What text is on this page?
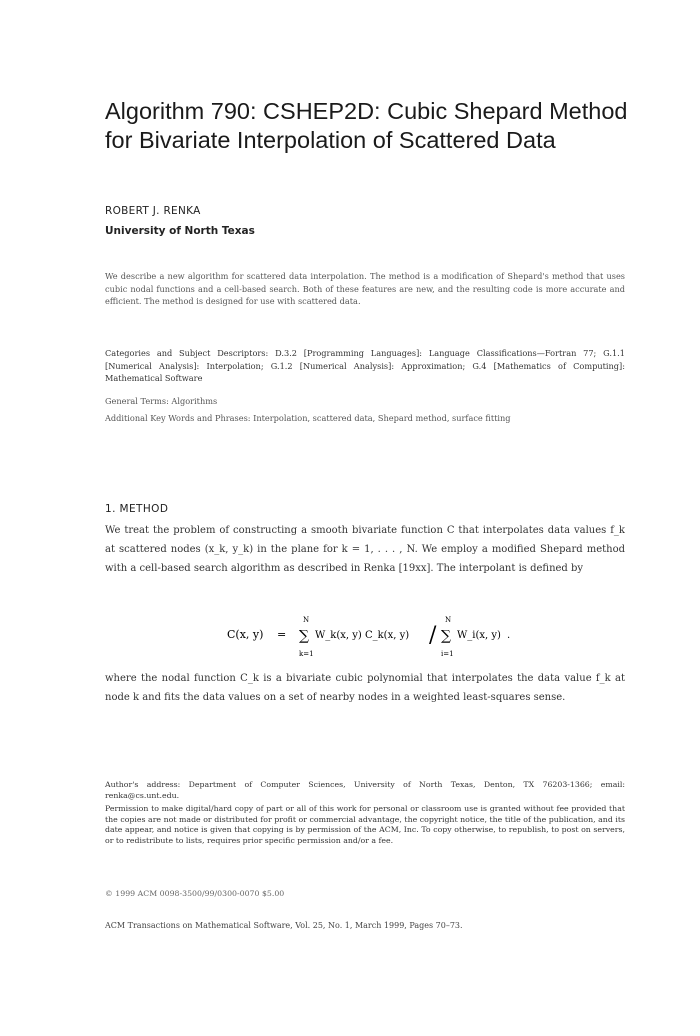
Algorithm 790: CSHEP2D: Cubic Shepard Method for Bivariate Interpolation of Scattered Data
ROBERT J. RENKA
University of North Texas

We describe a new algorithm for scattered data interpolation. The method is a modification of Shepard's method that uses cubic nodal functions and a cell-based search. Both of these features are new, and the resulting code is more accurate and efficient. The method is designed for use with scattered data.

Categories and Subject Descriptors: D.3.2 [Programming Languages]: Language Classifications—Fortran 77; G.1.1 [Numerical Analysis]: Interpolation; G.1.2 [Numerical Analysis]: Approximation; G.4 [Mathematics of Computing]: Mathematical Software

General Terms: Algorithms

Additional Key Words and Phrases: Interpolation, scattered data, Shepard method, surface fitting

1. METHOD

We treat the problem of constructing a smooth bivariate function C that interpolates data values f_k at scattered nodes (x_k, y_k) in the plane for k = 1, . . . , N. We employ a modified Shepard method with a cell-based search algorithm as described in Renka [19xx]. The interpolant is defined by

C(x, y) =
N
∑
k=1
W_k(x, y) C_k(x, y) /
N
∑
i=1
W_i(x, y) .

where the nodal function C_k is a bivariate cubic polynomial that interpolates the data value f_k at node k and fits the data values on a set of nearby nodes in a weighted least-squares sense.

Author's address: Department of Computer Sciences, University of North Texas, Denton, TX 76203-1366; email: renka@cs.unt.edu.

Permission to make digital/hard copy of part or all of this work for personal or classroom use is granted without fee provided that the copies are not made or distributed for profit or commercial advantage, the copyright notice, the title of the publication, and its date appear, and notice is given that copying is by permission of the ACM, Inc. To copy otherwise, to republish, to post on servers, or to redistribute to lists, requires prior specific permission and/or a fee.

© 1999 ACM 0098-3500/99/0300-0070 $5.00

ACM Transactions on Mathematical Software, Vol. 25, No. 1, March 1999, Pages 70–73.
